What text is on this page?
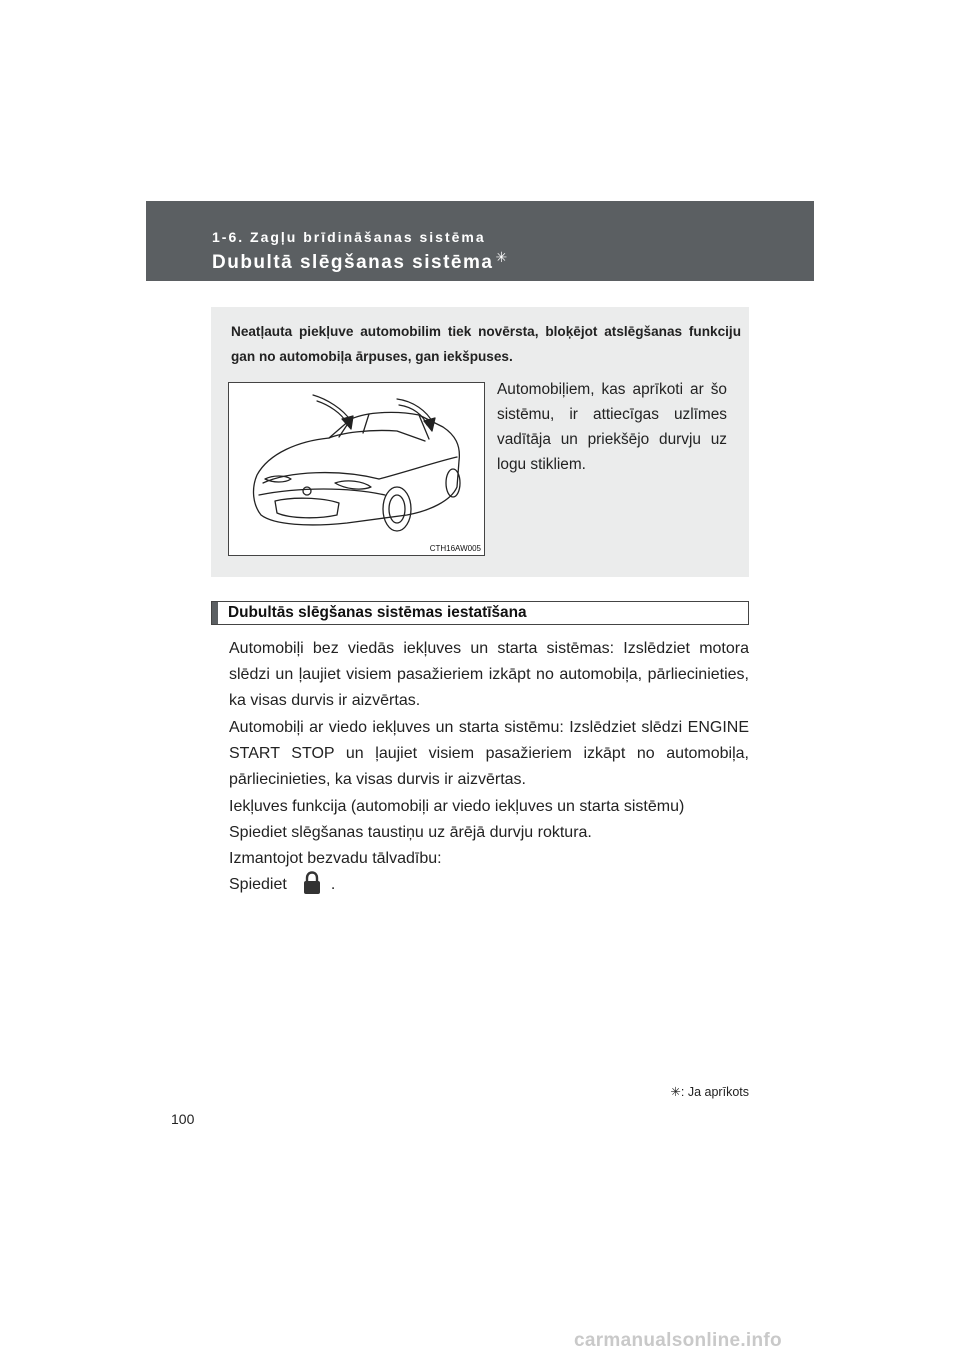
1-6. Zagļu brīdināšanas sistēma
Dubultā slēgšanas sistēma ✳
Neatļauta piekļuve automobilim tiek novērsta, bloķējot atslēgšanas funkciju gan no automobiļa ārpuses, gan iekšpuses.
CTH16AW005
Automobiļiem, kas aprīkoti ar šo sistēmu, ir attiecīgas uzlīmes vadītāja un priekšējo durvju uz logu stikliem.
Dubultās slēgšanas sistēmas iestatīšana
Automobiļi bez viedās iekļuves un starta sistēmas: Izslēdziet motora slēdzi un ļaujiet visiem pasažieriem izkāpt no automobiļa, pārliecinieties, ka visas durvis ir aizvērtas.
Automobiļi ar viedo iekļuves un starta sistēmu: Izslēdziet slēdzi ENGINE START STOP un ļaujiet visiem pasažieriem izkāpt no automobiļa, pārliecinieties, ka visas durvis ir aizvērtas.
Iekļuves funkcija (automobiļi ar viedo iekļuves un starta sistēmu)
Spiediet slēgšanas taustiņu uz ārējā durvju roktura.
Izmantojot bezvadu tālvadību:
Spiediet	.
✳: Ja aprīkots
100
carmanualsonline.info
